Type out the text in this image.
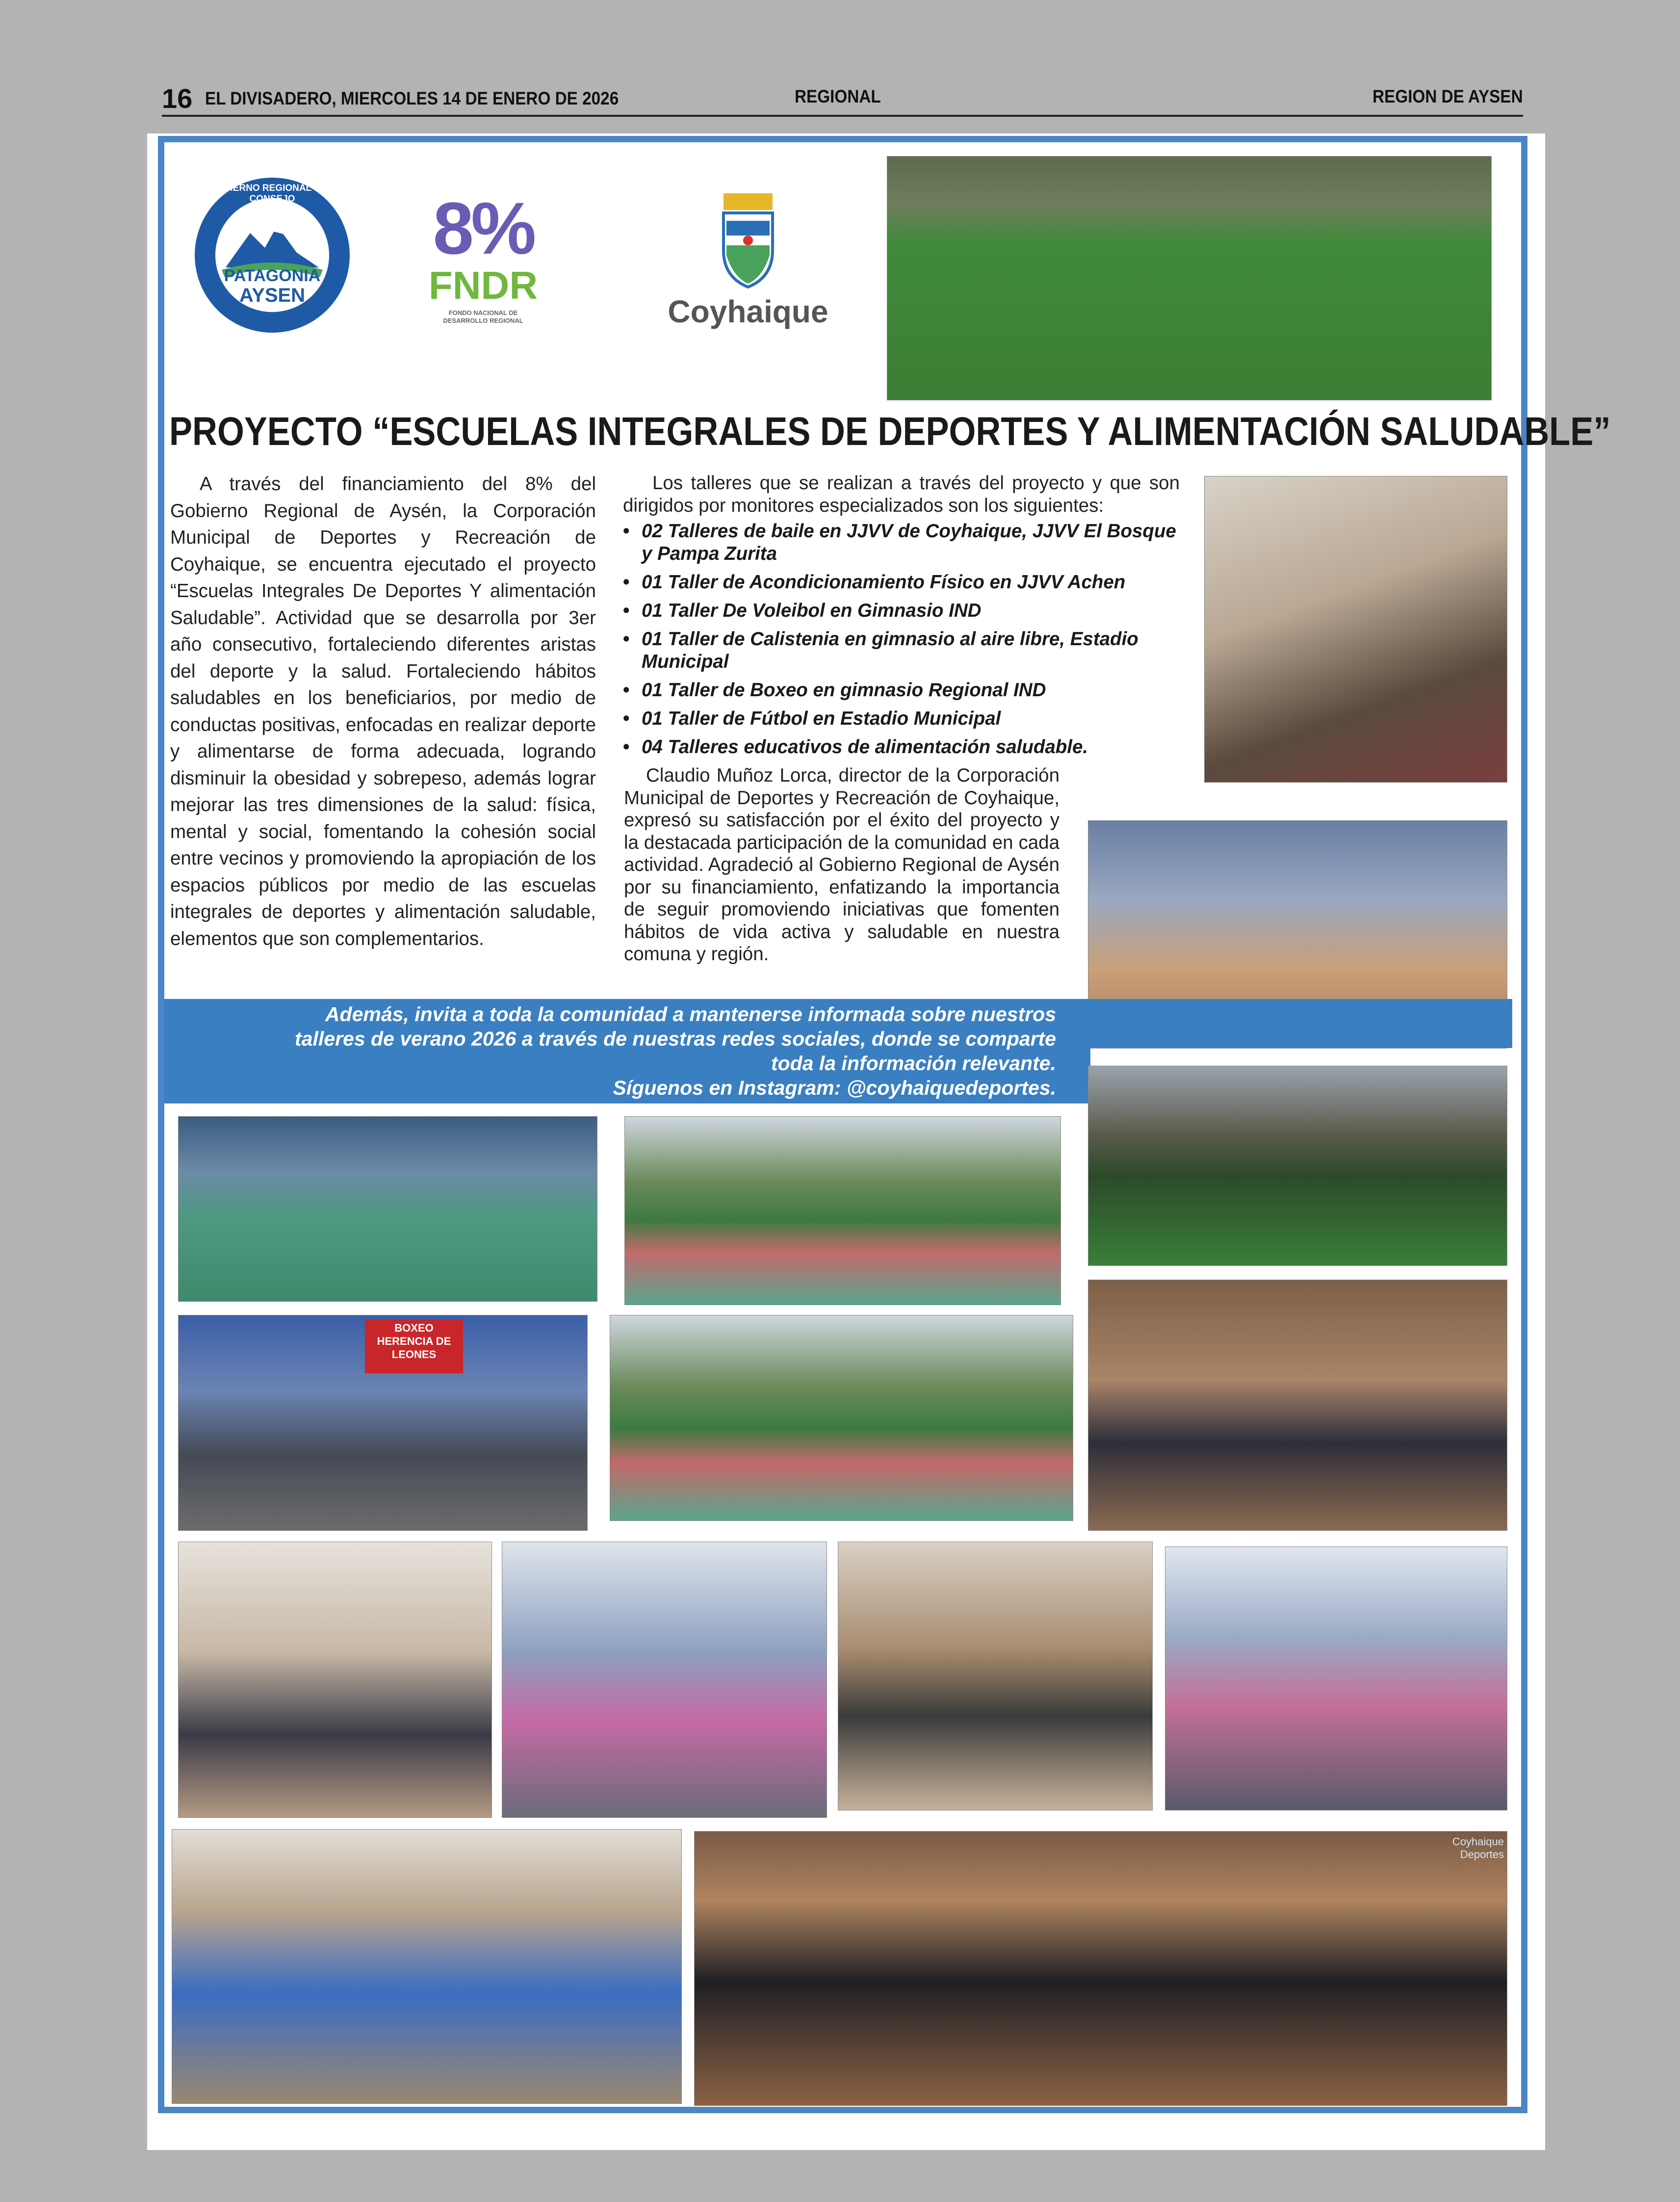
16 EL DIVISADERO, MIERCOLES 14 DE ENERO DE 2026	REGIONAL	REGION DE AYSEN
GOBIERNO REGIONAL Y SU CONSEJO
PATAGONIA
AYSEN
8%
FNDR
FONDO NACIONAL DE DESARROLLO REGIONAL	Coyhaique
PROYECTO “ESCUELAS INTEGRALES DE DEPORTES Y ALIMENTACIÓN SALUDABLE”
A través del financiamiento del 8% del Gobierno Regional de Aysén, la Corporación Municipal de Deportes y Recreación de Coyhaique, se encuentra ejecutado el proyecto “Escuelas Integrales De Deportes Y alimentación Saludable”. Actividad que se desarrolla por 3er año consecutivo, fortaleciendo diferentes aristas del deporte y la salud. Fortaleciendo hábitos saludables en los beneficiarios, por medio de conductas positivas, enfocadas en realizar deporte y alimentarse de forma adecuada, logrando disminuir la obesidad y sobrepeso, además lograr mejorar las tres dimensiones de la salud: física, mental y social, fomentando la cohesión social entre vecinos y promoviendo la apropiación de los espacios públicos por medio de las escuelas integrales de deportes y alimentación saludable, elementos que son complementarios.
Los talleres que se realizan a través del proyecto y que son dirigidos por monitores especializados son los siguientes:
• 02 Talleres de baile en JJVV de Coyhaique, JJVV El Bosque y Pampa Zurita
• 01 Taller de Acondicionamiento Físico en JJVV Achen
• 01 Taller De Voleibol en Gimnasio IND
• 01 Taller de Calistenia en gimnasio al aire libre, Estadio Municipal
• 01 Taller de Boxeo en gimnasio Regional IND
• 01 Taller de Fútbol en Estadio Municipal
• 04 Talleres educativos de alimentación saludable.
Claudio Muñoz Lorca, director de la Corporación Municipal de Deportes y Recreación de Coyhaique, expresó su satisfacción por el éxito del proyecto y la destacada participación de la comunidad en cada actividad. Agradeció al Gobierno Regional de Aysén por su financiamiento, enfatizando la importancia de seguir promoviendo iniciativas que fomenten hábitos de vida activa y saludable en nuestra comuna y región.
Además, invita a toda la comunidad a mantenerse informada sobre nuestros
talleres de verano 2026 a través de nuestras redes sociales, donde se comparte
toda la información relevante.
Síguenos en Instagram: @coyhaiquedeportes.
BOXEO HERENCIA DE LEONES
Coyhaique Deportes
